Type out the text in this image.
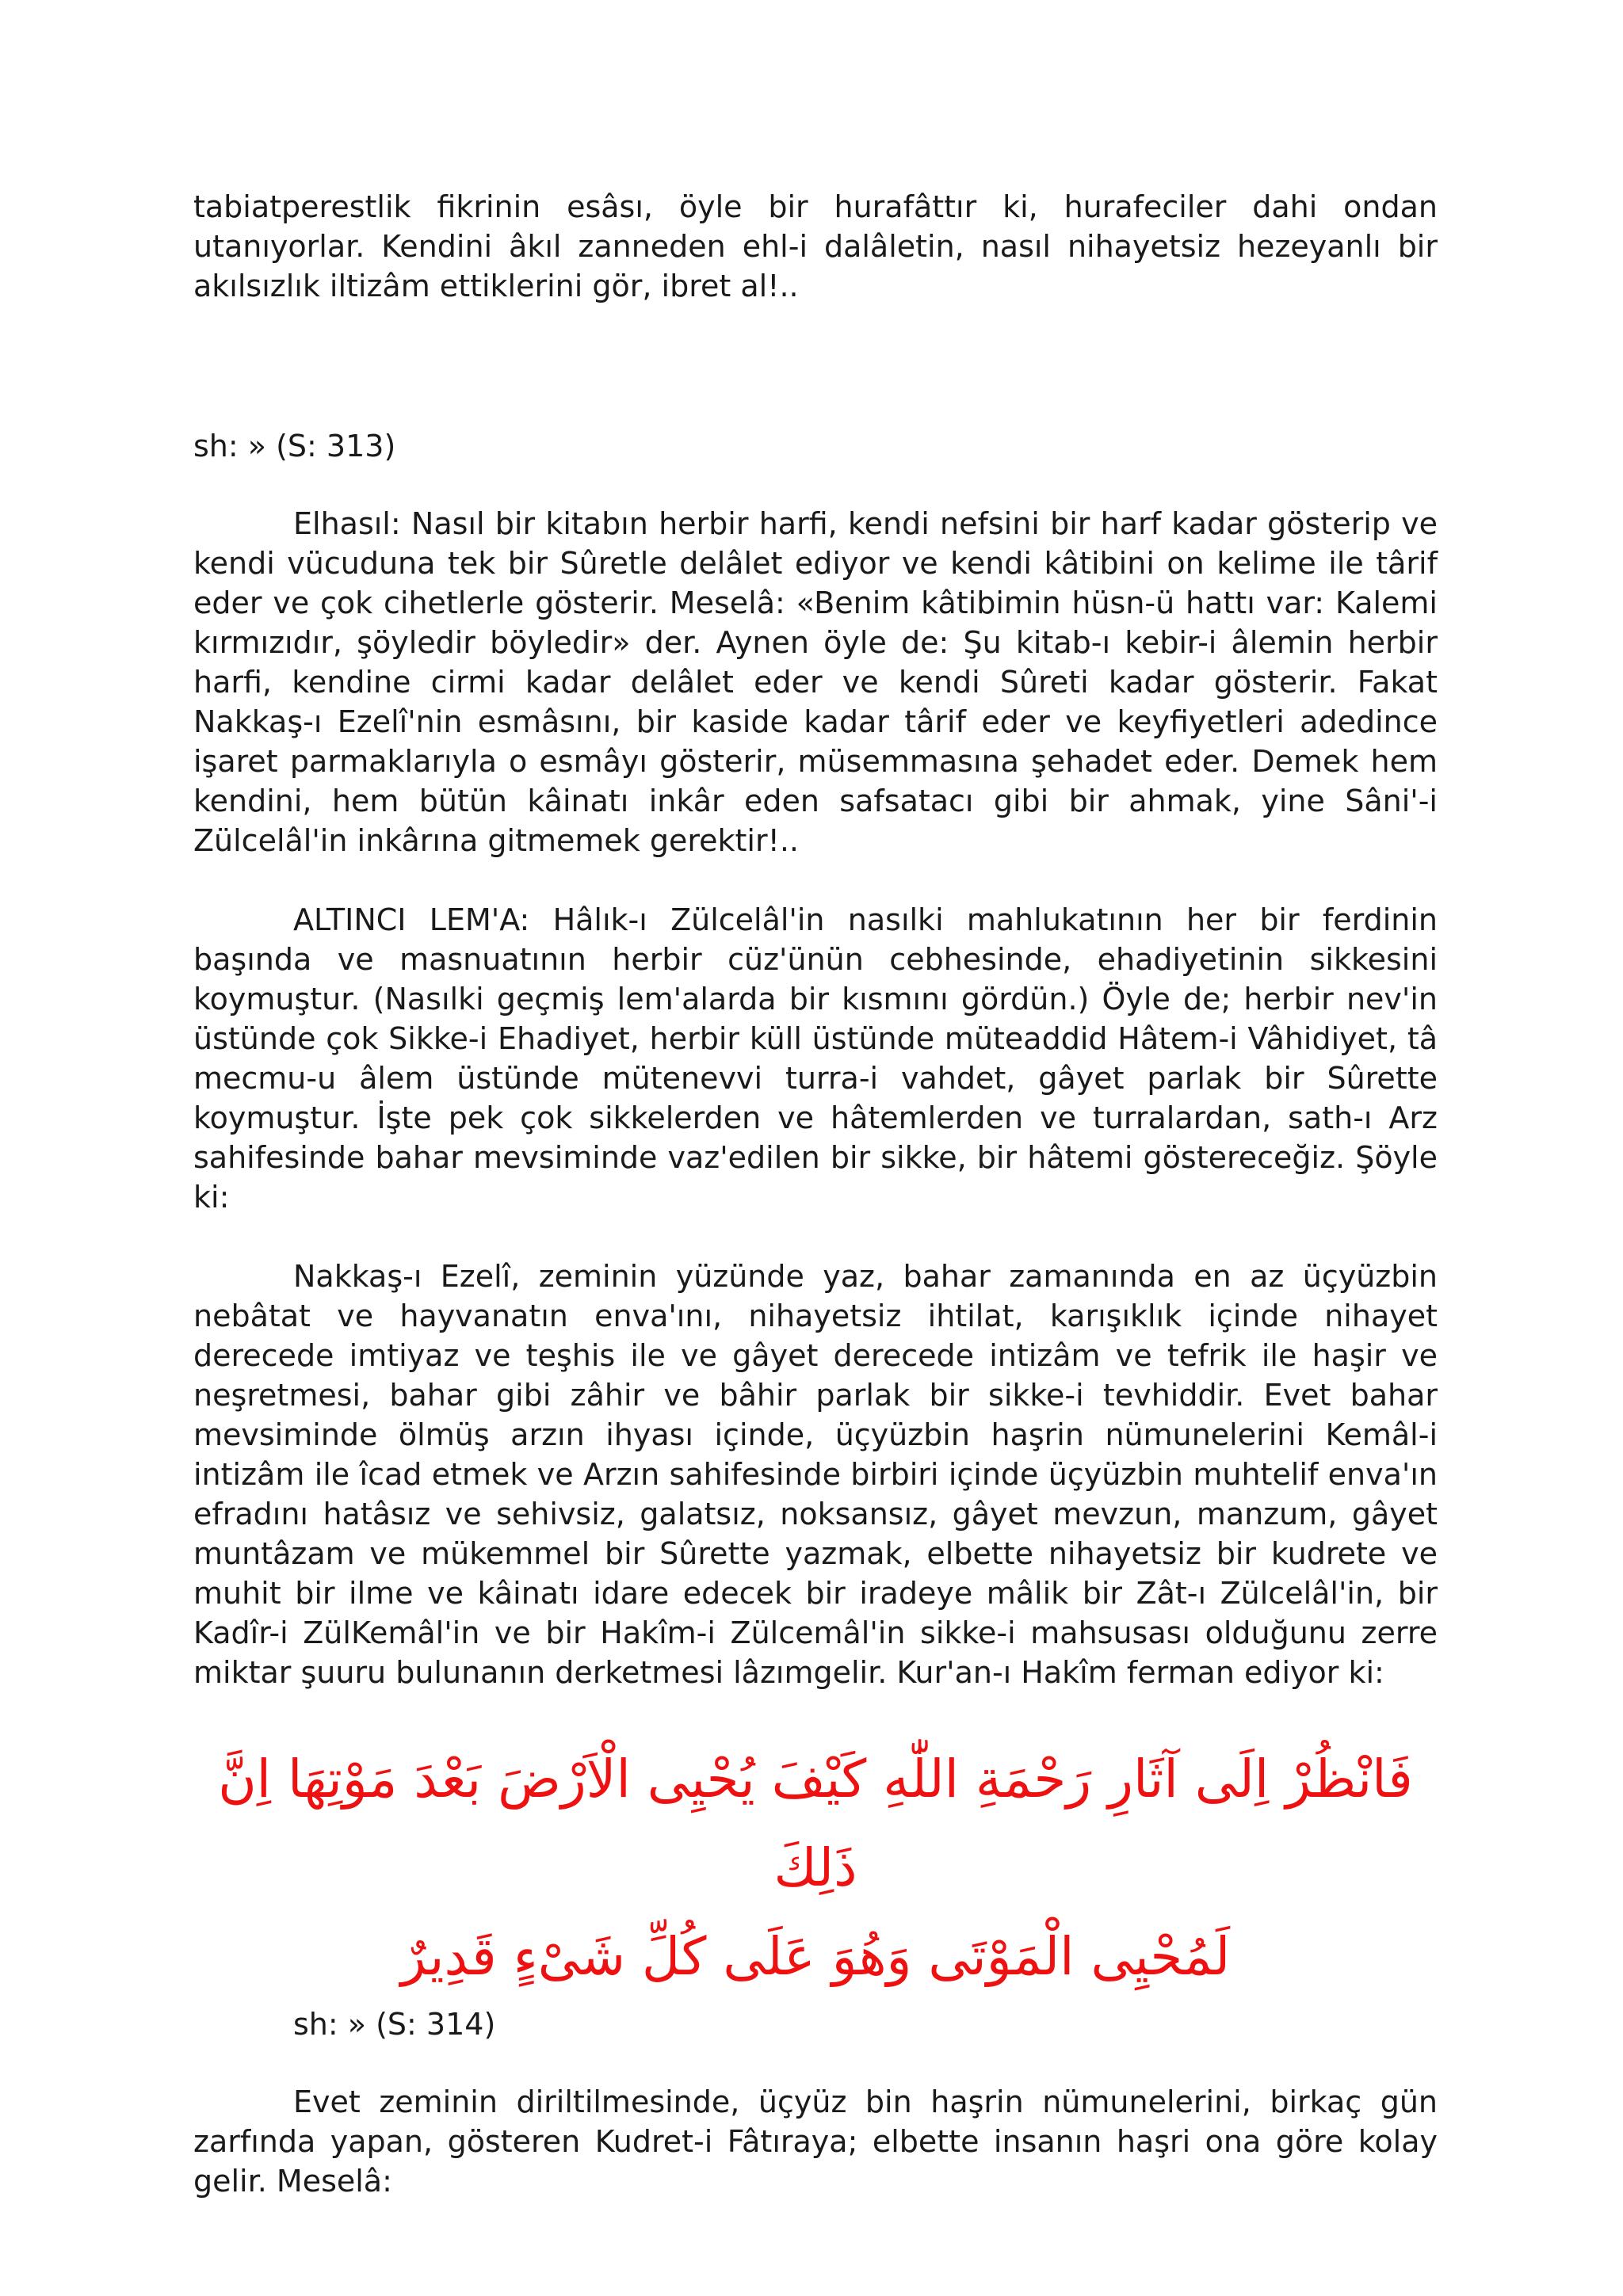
tabiatperestlik fikrinin esâsı, öyle bir hurafâttır ki, hurafeciler dahi ondan utanıyorlar. Kendini âkıl zanneden ehl-i dalâletin, nasıl nihayetsiz hezeyanlı bir akılsızlık iltizâm ettiklerini gör, ibret al!..

sh: » (S: 313)

Elhasıl: Nasıl bir kitabın herbir harfi, kendi nefsini bir harf kadar gösterip ve kendi vücuduna tek bir Sûretle delâlet ediyor ve kendi kâtibini on kelime ile târif eder ve çok cihetlerle gösterir. Meselâ: «Benim kâtibimin hüsn-ü hattı var: Kalemi kırmızıdır, şöyledir böyledir» der. Aynen öyle de: Şu kitab-ı kebir-i âlemin herbir harfi, kendine cirmi kadar delâlet eder ve kendi Sûreti kadar gösterir. Fakat Nakkaş-ı Ezelî'nin esmâsını, bir kaside kadar târif eder ve keyfiyetleri adedince işaret parmaklarıyla o esmâyı gösterir, müsemmasına şehadet eder. Demek hem kendini, hem bütün kâinatı inkâr eden safsatacı gibi bir ahmak, yine Sâni'-i Zülcelâl'in inkârına gitmemek gerektir!..

ALTINCI LEM'A: Hâlık-ı Zülcelâl'in nasılki mahlukatının her bir ferdinin başında ve masnuatının herbir cüz'ünün cebhesinde, ehadiyetinin sikkesini koymuştur. (Nasılki geçmiş lem'alarda bir kısmını gördün.) Öyle de; herbir nev'in üstünde çok Sikke-i Ehadiyet, herbir küll üstünde müteaddid Hâtem-i Vâhidiyet, tâ mecmu-u âlem üstünde mütenevvi turra-i vahdet, gâyet parlak bir Sûrette koymuştur. İşte pek çok sikkelerden ve hâtemlerden ve turralardan, sath-ı Arz sahifesinde bahar mevsiminde vaz'edilen bir sikke, bir hâtemi göstereceğiz. Şöyle ki:

Nakkaş-ı Ezelî, zeminin yüzünde yaz, bahar zamanında en az üçyüzbin nebâtat ve hayvanatın enva'ını, nihayetsiz ihtilat, karışıklık içinde nihayet derecede imtiyaz ve teşhis ile ve gâyet derecede intizâm ve tefrik ile haşir ve neşretmesi, bahar gibi zâhir ve bâhir parlak bir sikke-i tevhiddir. Evet bahar mevsiminde ölmüş arzın ihyası içinde, üçyüzbin haşrin nümunelerini Kemâl-i intizâm ile îcad etmek ve Arzın sahifesinde birbiri içinde üçyüzbin muhtelif enva'ın efradını hatâsız ve sehivsiz, galatsız, noksansız, gâyet mevzun, manzum, gâyet muntâzam ve mükemmel bir Sûrette yazmak, elbette nihayetsiz bir kudrete ve muhit bir ilme ve kâinatı idare edecek bir iradeye mâlik bir Zât-ı Zülcelâl'in, bir Kadîr-i ZülKemâl'in ve bir Hakîm-i Zülcemâl'in sikke-i mahsusası olduğunu zerre miktar şuuru bulunanın derketmesi lâzımgelir. Kur'an-ı Hakîm ferman ediyor ki:

فَانْظُرْ اِلَى آثَارِ رَحْمَةِ اللّٰهِ كَيْفَ يُحْيِى الْاَرْضَ بَعْدَ مَوْتِهَا اِنَّ ذَلِكَ
لَمُحْيِى الْمَوْتَى وَهُوَ عَلَى كُلِّ شَىْءٍ قَدِيرٌ

sh: » (S: 314)

Evet zeminin diriltilmesinde, üçyüz bin haşrin nümunelerini, birkaç gün zarfında yapan, gösteren Kudret-i Fâtıraya; elbette insanın haşri ona göre kolay gelir. Meselâ:
